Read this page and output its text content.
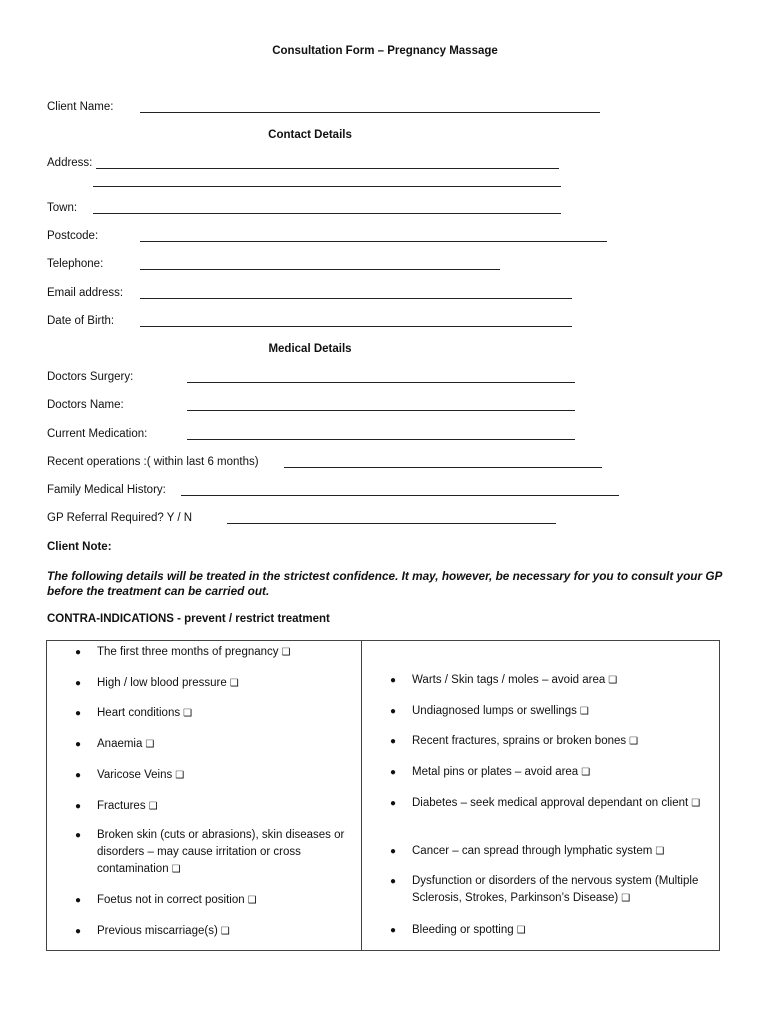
Consultation Form – Pregnancy Massage
Client Name:
Contact Details
Address:
Town:
Postcode:
Telephone:
Email address:
Date of Birth:
Medical Details
Doctors Surgery:
Doctors Name:
Current Medication:
Recent operations :( within last 6 months)
Family Medical History:
GP Referral Required? Y / N
Client Note:
The following details will be treated in the strictest confidence. It may, however, be necessary for you to consult your GP before the treatment can be carried out.
CONTRA-INDICATIONS - prevent / restrict treatment
● The first three months of pregnancy ❑
● High / low blood pressure ❑
● Heart conditions ❑
● Anaemia ❑
● Varicose Veins ❑
● Fractures ❑
● Broken skin (cuts or abrasions), skin diseases or disorders – may cause irritation or cross contamination ❑
● Foetus not in correct position ❑
● Previous miscarriage(s) ❑
● Warts / Skin tags / moles – avoid area ❑
● Undiagnosed lumps or swellings ❑
● Recent fractures, sprains or broken bones ❑
● Metal pins or plates – avoid area ❑
● Diabetes – seek medical approval dependant on client ❑
● Cancer – can spread through lymphatic system ❑
● Dysfunction or disorders of the nervous system (Multiple Sclerosis, Strokes, Parkinson’s Disease) ❑
● Bleeding or spotting ❑
